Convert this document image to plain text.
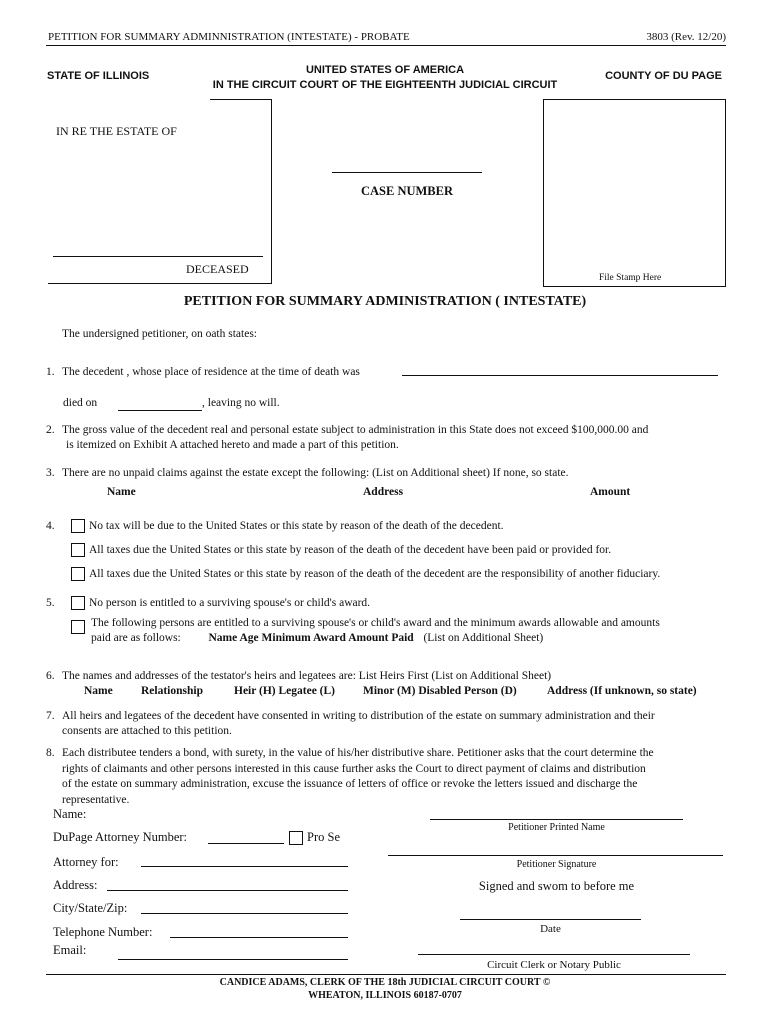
PETITION FOR SUMMARY ADMINNISTRATION (INTESTATE) - PROBATE	3803 (Rev. 12/20)
STATE OF ILLINOIS	UNITED STATES OF AMERICA
IN THE CIRCUIT COURT OF THE EIGHTEENTH JUDICIAL CIRCUIT
COUNTY OF DU PAGE
IN RE THE ESTATE OF
DECEASED
CASE NUMBER
File Stamp Here
PETITION FOR SUMMARY ADMINISTRATION ( INTESTATE)
The undersigned petitioner, on oath states:
1. The decedent , whose place of residence at the time of death was
died on	, leaving no will.
2. The gross value of the decedent real and personal estate subject to administration in this State does not exceed $100,000.00 and
is itemized on Exhibit A attached hereto and made a part of this petition.
3. There are no unpaid claims against the estate except the following: (List on Additional sheet) If none, so state.
Name	Address	Amount
4.	No tax will be due to the United States or this state by reason of the death of the decedent.
All taxes due the United States or this state by reason of the death of the decedent have been paid or provided for.
All taxes due the United States or this state by reason of the death of the decedent are the responsibility of another fiduciary.
5.	No person is entitled to a surviving spouse's or child's award.
The following persons are entitled to a surviving spouse's or child's award and the minimum awards allowable and amounts
paid are as follows: Name Age Minimum Award Amount Paid (List on Additional Sheet)
6. The names and addresses of the testator's heirs and legatees are: List Heirs First (List on Additional Sheet)
Name Relationship	Heir (H) Legatee (L) Minor (M) Disabled Person (D)	Address (If unknown, so state)
7. All heirs and legatees of the decedent have consented in writing to distribution of the estate on summary administration and their
consents are attached to this petition.
8. Each distributee tenders a bond, with surety, in the value of his/her distributive share. Petitioner asks that the court determine the
rights of claimants and other persons interested in this cause further asks the Court to direct payment of claims and distribution
of the estate on summary administration, excuse the issuance of letters of office or revoke the letters issued and discharge the
representative.
Name:
DuPage Attorney Number:	Pro Se
Attorney for:
Address:
City/State/Zip:
Telephone Number:
Email:
Petitioner Printed Name
Petitioner Signature
Signed and swom to before me
Date
Circuit Clerk or Notary Public
CANDICE ADAMS, CLERK OF THE 18th JUDICIAL CIRCUIT COURT ©
WHEATON, ILLINOIS 60187-0707
